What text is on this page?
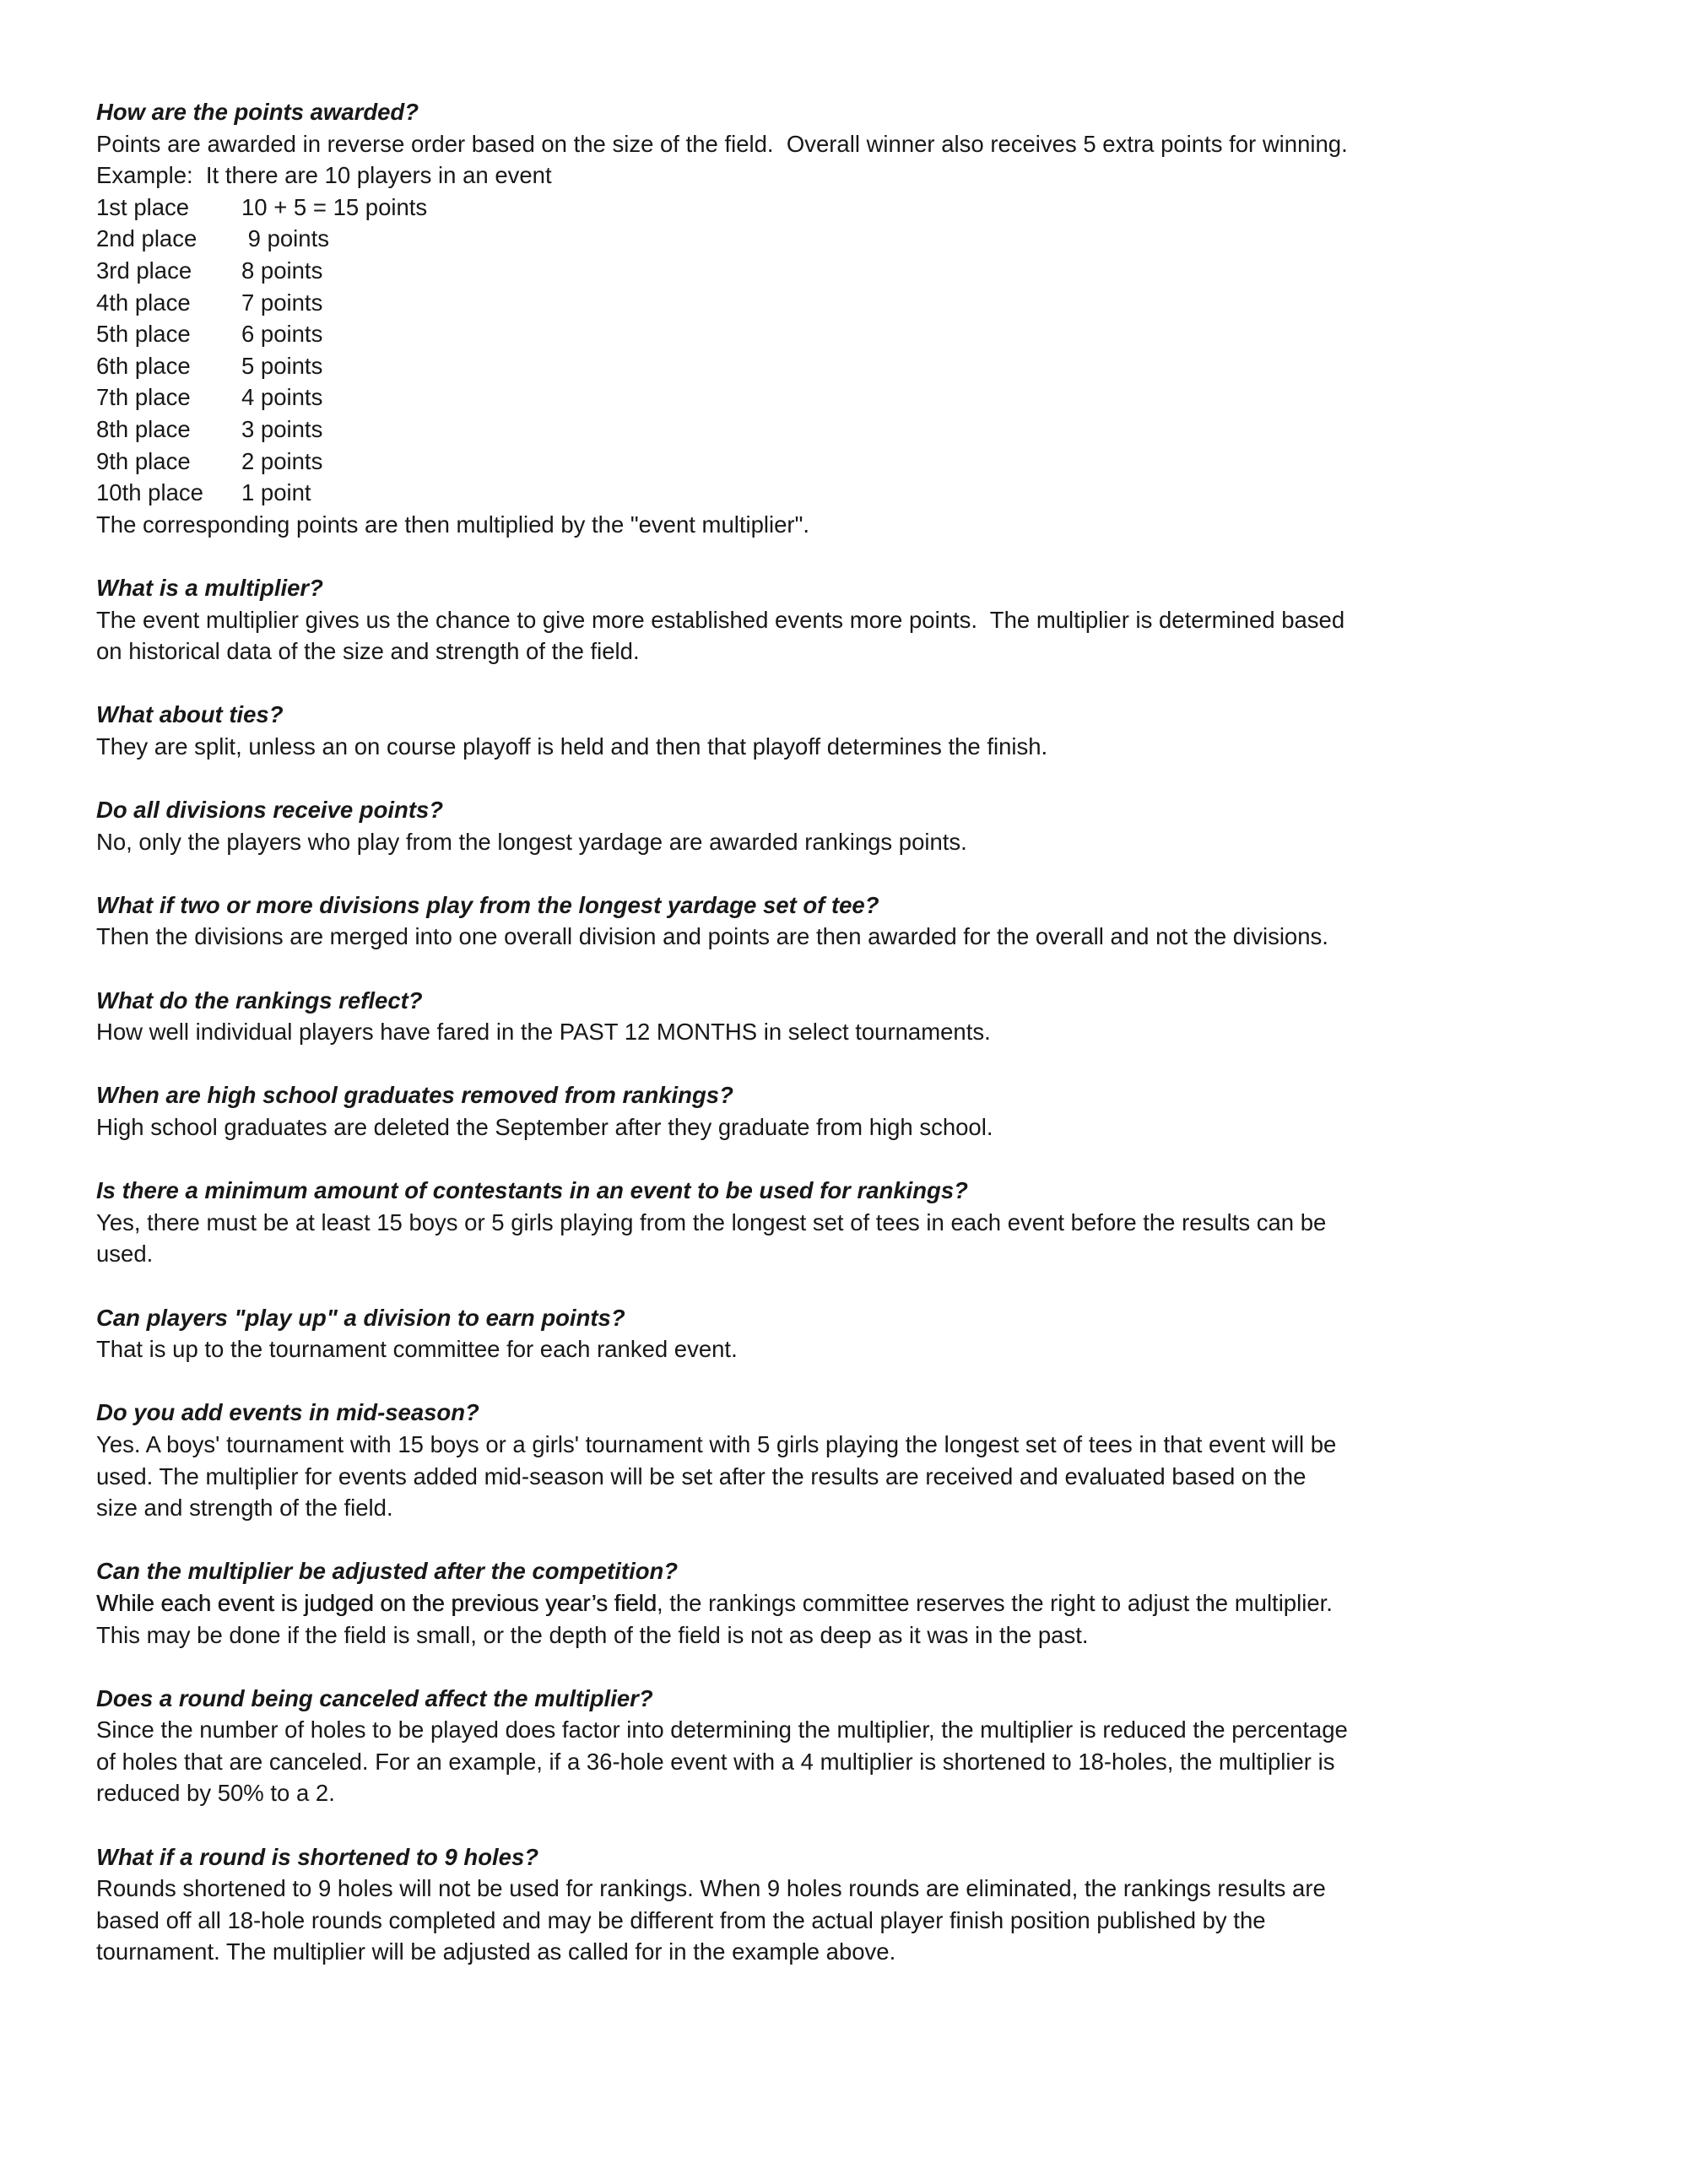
How are the points awarded?
Points are awarded in reverse order based on the size of the field.  Overall winner also receives 5 extra points for winning.
Example:  It there are 10 players in an event
1st place	10 + 5 = 15 points
2nd place	9 points
3rd place	8 points
4th place	7 points
5th place	6 points
6th place	5 points
7th place	4 points
8th place	3 points
9th place	2 points
10th place	1 point
The corresponding points are then multiplied by the "event multiplier".
What is a multiplier?
The event multiplier gives us the chance to give more established events more points.  The multiplier is determined based
on historical data of the size and strength of the field.
What about ties?
They are split, unless an on course playoff is held and then that playoff determines the finish.
Do all divisions receive points?
No, only the players who play from the longest yardage are awarded rankings points.
What if two or more divisions play from the longest yardage set of tee?
Then the divisions are merged into one overall division and points are then awarded for the overall and not the divisions.
What do the rankings reflect?
How well individual players have fared in the PAST 12 MONTHS in select tournaments.
When are high school graduates removed from rankings?
High school graduates are deleted the September after they graduate from high school.
Is there a minimum amount of contestants in an event to be used for rankings?
Yes, there must be at least 15 boys or 5 girls playing from the longest set of tees in each event before the results can be
used.
Can players "play up" a division to earn points?
That is up to the tournament committee for each ranked event.
Do you add events in mid-season?
Yes. A boys' tournament with 15 boys or a girls' tournament with 5 girls playing the longest set of tees in that event will be
used. The multiplier for events added mid-season will be set after the results are received and evaluated based on the
size and strength of the field.
Can the multiplier be adjusted after the competition?
While each event is judged on the previous year’s field, the rankings committee reserves the right to adjust the multiplier.
This may be done if the field is small, or the depth of the field is not as deep as it was in the past.
Does a round being canceled affect the multiplier?
Since the number of holes to be played does factor into determining the multiplier, the multiplier is reduced the percentage
of holes that are canceled. For an example, if a 36-hole event with a 4 multiplier is shortened to 18-holes, the multiplier is
reduced by 50% to a 2.
What if a round is shortened to 9 holes?
Rounds shortened to 9 holes will not be used for rankings. When 9 holes rounds are eliminated, the rankings results are
based off all 18-hole rounds completed and may be different from the actual player finish position published by the
tournament. The multiplier will be adjusted as called for in the example above.
